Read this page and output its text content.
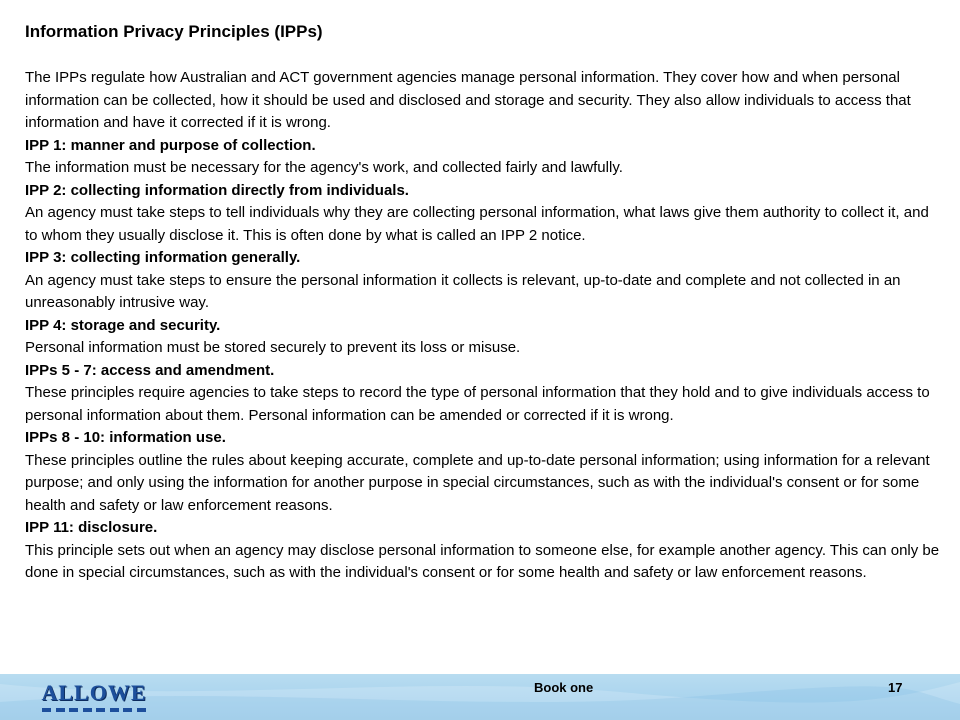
Information Privacy Principles (IPPs)

The IPPs regulate how Australian and ACT government agencies manage personal information. They cover how and when personal information can be collected, how it should be used and disclosed and storage and security. They also allow individuals to access that information and have it corrected if it is wrong.

IPP 1: manner and purpose of collection.

The information must be necessary for the agency's work, and collected fairly and lawfully.

IPP 2: collecting information directly from individuals.

An agency must take steps to tell individuals why they are collecting personal information, what laws give them authority to collect it, and to whom they usually disclose it. This is often done by what is called an IPP 2 notice.

IPP 3: collecting information generally.

An agency must take steps to ensure the personal information it collects is relevant, up-to-date and complete and not collected in an unreasonably intrusive way.

IPP 4: storage and security.

Personal information must be stored securely to prevent its loss or misuse.

IPPs 5 - 7: access and amendment.

These principles require agencies to take steps to record the type of personal information that they hold and to give individuals access to personal information about them. Personal information can be amended or corrected if it is wrong.

IPPs 8 - 10: information use.

These principles outline the rules about keeping accurate, complete and up-to-date personal information; using information for a relevant purpose; and only using the information for another purpose in special circumstances, such as with the individual's consent or for some health and safety or law enforcement reasons.

IPP 11: disclosure.

This principle sets out when an agency may disclose personal information to someone else, for example another agency. This can only be done in special circumstances, such as with the individual's consent or for some health and safety or law enforcement reasons.

ALLOWE	Book one	17
